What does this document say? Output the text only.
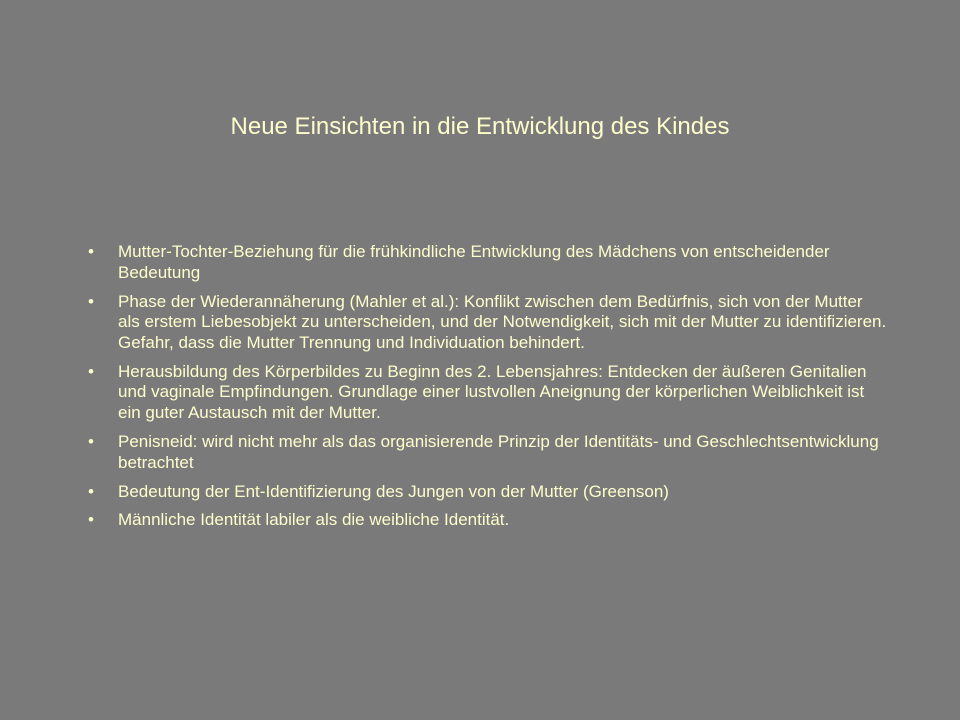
Neue Einsichten in die Entwicklung des Kindes
• Mutter-Tochter-Beziehung für die frühkindliche Entwicklung des Mädchens von entscheidender Bedeutung
• Phase der Wiederannäherung (Mahler et al.): Konflikt zwischen dem Bedürfnis, sich von der Mutter als erstem Liebesobjekt zu unterscheiden, und der Notwendigkeit, sich mit der Mutter zu identifizieren. Gefahr, dass die Mutter Trennung und Individuation behindert.
• Herausbildung des Körperbildes zu Beginn des 2. Lebensjahres: Entdecken der äußeren Genitalien und vaginale Empfindungen. Grundlage einer lustvollen Aneignung der körperlichen Weiblichkeit ist ein guter Austausch mit der Mutter.
• Penisneid: wird nicht mehr als das organisierende Prinzip der Identitäts- und Geschlechtsentwicklung betrachtet
• Bedeutung der Ent-Identifizierung des Jungen von der Mutter (Greenson)
• Männliche Identität labiler als die weibliche Identität.
